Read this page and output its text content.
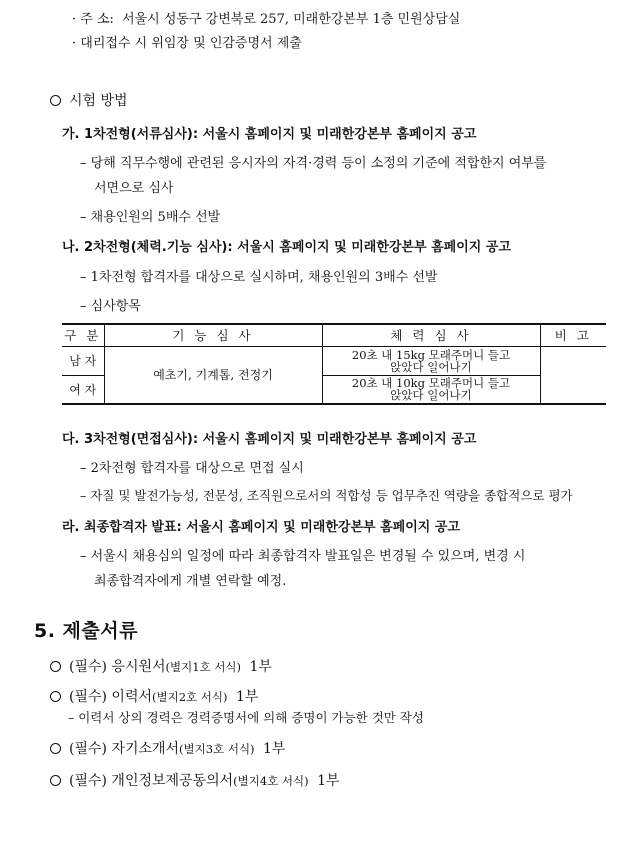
· 주 소: 서울시 성동구 강변북로 257, 미래한강본부 1층 민원상담실
· 대리접수 시 위임장 및 인감증명서 제출
시험 방법
가. 1차전형(서류심사): 서울시 홈페이지 및 미래한강본부 홈페이지 공고
– 당해 직무수행에 관련된 응시자의 자격·경력 등이 소정의 기준에 적합한지 여부를
서면으로 심사
– 채용인원의 5배수 선발
나. 2차전형(체력.기능 심사): 서울시 홈페이지 및 미래한강본부 홈페이지 공고
– 1차전형 합격자를 대상으로 실시하며, 채용인원의 3배수 선발
– 심사항목
구 분	기 능 심 사	체 력 심 사	비 고
남 자	예초기, 기계톱, 전정기	20초 내 15kg 모래주머니 들고
앉았다 일어나기	

여 자		20초 내 10kg 모래주머니 들고
앉았다 일어나기	
다. 3차전형(면접심사): 서울시 홈페이지 및 미래한강본부 홈페이지 공고
– 2차전형 합격자를 대상으로 면접 실시
– 자질 및 발전가능성, 전문성, 조직원으로서의 적합성 등 업무추진 역량을 종합적으로 평가
라. 최종합격자 발표: 서울시 홈페이지 및 미래한강본부 홈페이지 공고
– 서울시 채용심의 일정에 따라 최종합격자 발표일은 변경될 수 있으며, 변경 시
최종합격자에게 개별 연락할 예정.
5. 제출서류
(필수) 응시원서(별지1호 서식) 1부
(필수) 이력서(별지2호 서식) 1부
– 이력서 상의 경력은 경력증명서에 의해 증명이 가능한 것만 작성
(필수) 자기소개서(별지3호 서식) 1부
(필수) 개인정보제공동의서(별지4호 서식) 1부
